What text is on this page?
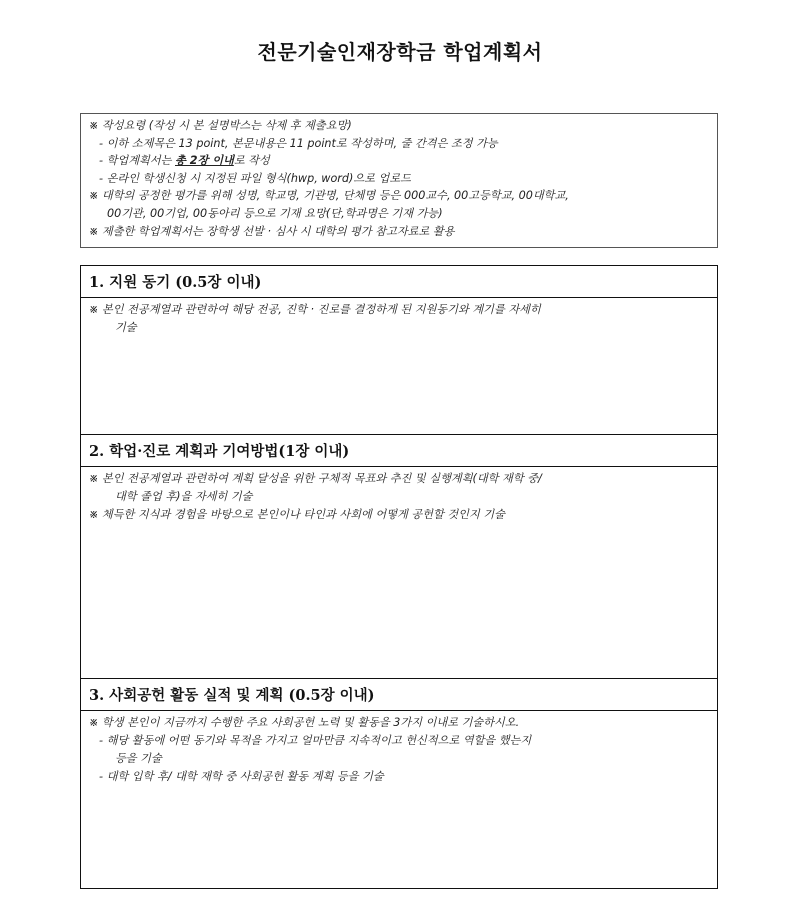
전문기술인재장학금 학업계획서
※ 작성요령 (작성 시 본 설명박스는 삭제 후 제출요망)
- 이하 소제목은 13 point, 본문내용은 11 point로 작성하며, 줄 간격은 조정 가능
- 학업계획서는 총 2장 이내로 작성
- 온라인 학생신청 시 지정된 파일 형식(hwp, word)으로 업로드
※ 대학의 공정한 평가를 위해 성명, 학교명, 기관명, 단체명 등은 000교수, 00고등학교, 00대학교,
00기관, 00기업, 00동아리 등으로 기재 요망(단,학과명은 기재 가능)
※ 제출한 학업계획서는 장학생 선발 · 심사 시 대학의 평가 참고자료로 활용
1. 지원 동기 (0.5장 이내)
※ 본인 전공계열과 관련하여 해당 전공, 진학 · 진로를 결정하게 된 지원동기와 계기를 자세히
기술
2. 학업·진로 계획과 기여방법(1장 이내)
※ 본인 전공계열과 관련하여 계획 달성을 위한 구체적 목표와 추진 및 실행계획(대학 재학 중/
대학 졸업 후)을 자세히 기술
※ 체득한 지식과 경험을 바탕으로 본인이나 타인과 사회에 어떻게 공헌할 것인지 기술
3. 사회공헌 활동 실적 및 계획 (0.5장 이내)
※ 학생 본인이 지금까지 수행한 주요 사회공헌 노력 및 활동을 3가지 이내로 기술하시오.
- 해당 활동에 어떤 동기와 목적을 가지고 얼마만큼 지속적이고 헌신적으로 역할을 했는지
등을 기술
- 대학 입학 후/ 대학 재학 중 사회공헌 활동 계획 등을 기술
